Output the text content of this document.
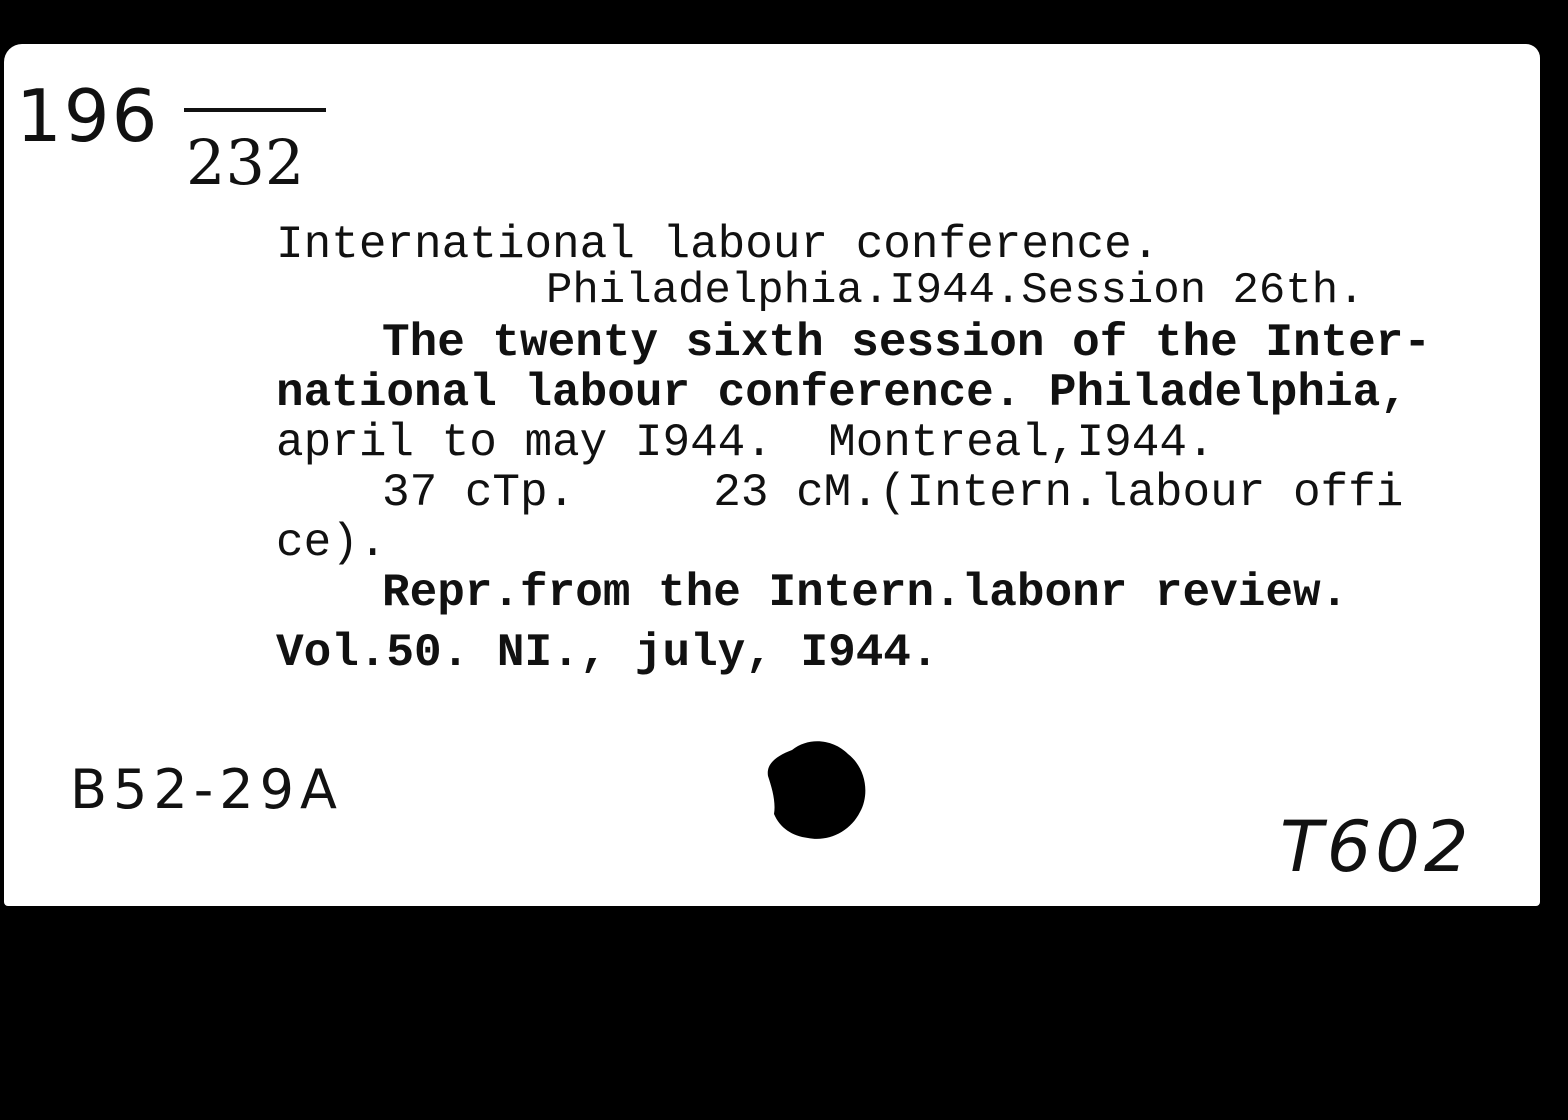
196
232
International labour conference.
Philadelphia.I944.Session 26th.
The twenty sixth session of the Inter-
national labour conference. Philadelphia,
april to may I944.  Montreal,I944.
37 cTp.     23 cM.(Intern.labour offi
ce).
Repr.from the Intern.labonr review.
Vol.50. NI., july, I944.
B52-29A
T602
